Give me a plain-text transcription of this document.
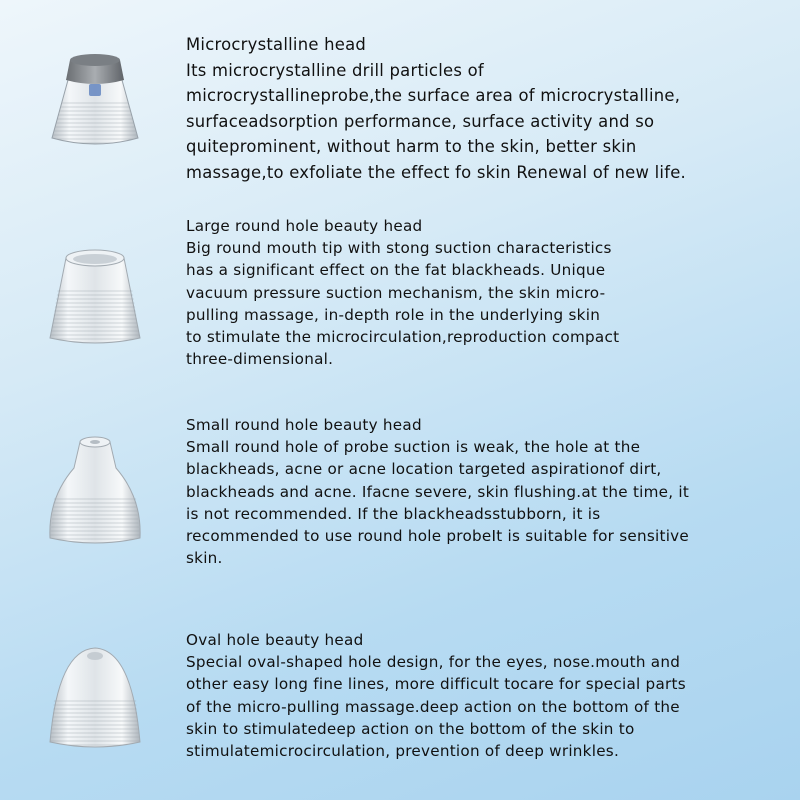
Microcrystalline head
Its microcrystalline drill particles of
microcrystallineprobe,the surface area of microcrystalline,
surfaceadsorption performance, surface activity and so
quiteprominent, without harm to the skin, better skin
massage,to exfoliate the effect fo skin Renewal of new life.
Large round hole beauty head
Big round mouth tip with stong suction characteristics
has a significant effect on the fat blackheads. Unique
vacuum pressure suction mechanism, the skin micro-
pulling massage, in-depth role in the underlying skin
to stimulate the microcirculation,reproduction compact
three-dimensional.
Small round hole beauty head
Small round hole of probe suction is weak, the hole at the
blackheads, acne or acne location targeted aspirationof dirt,
blackheads and acne. Ifacne severe, skin flushing.at the time, it
is not recommended. If the blackheadsstubborn, it is
recommended to use round hole probeIt is suitable for sensitive
skin.
Oval hole beauty head
Special oval-shaped hole design, for the eyes, nose.mouth and
other easy long fine lines, more difficult tocare for special parts
of the micro-pulling massage.deep action on the bottom of the
skin to stimulatedeep action on the bottom of the skin to
stimulatemicrocirculation, prevention of deep wrinkles.
